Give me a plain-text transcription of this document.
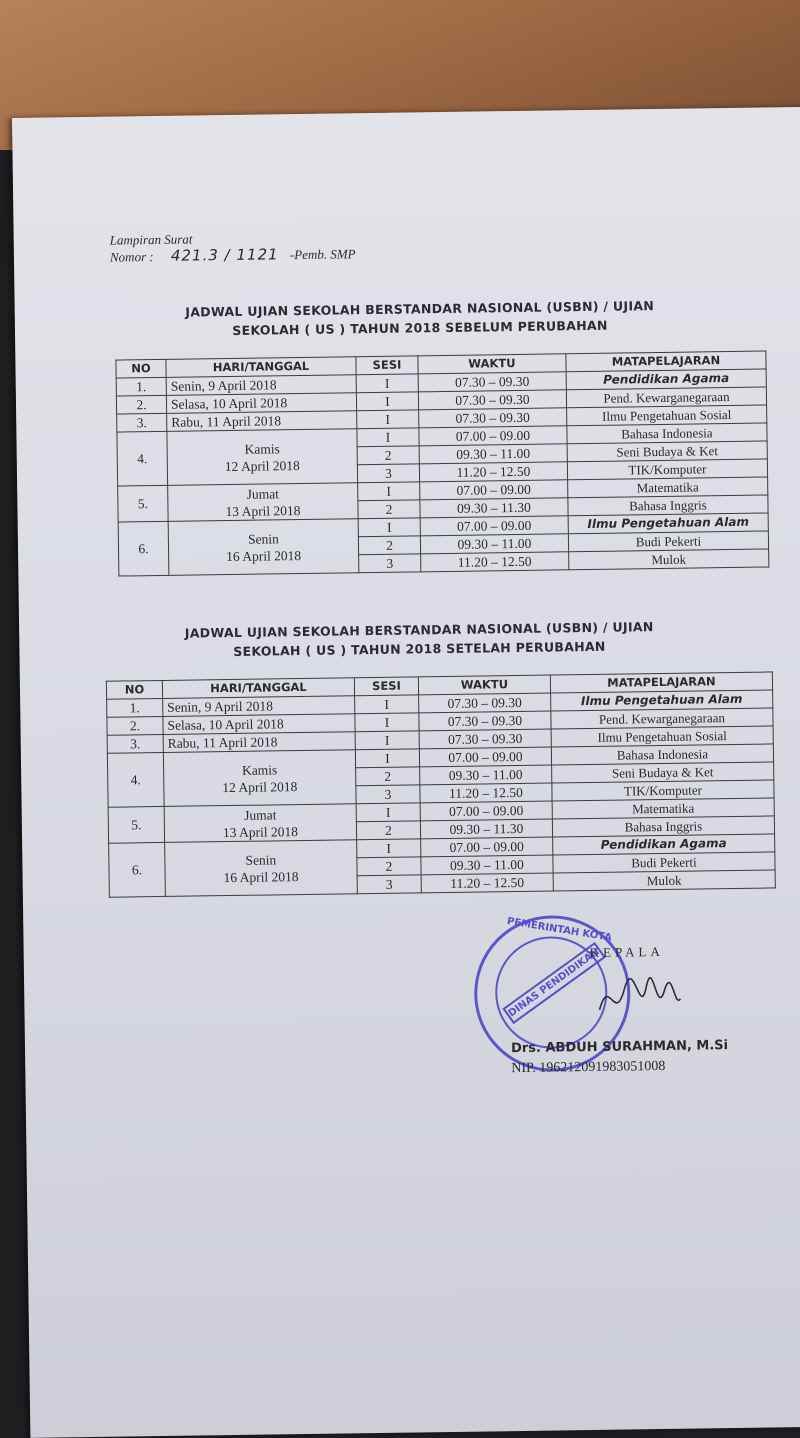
Lampiran Surat
Nomor : 421.3 / 1121 -Pemb. SMP
JADWAL UJIAN SEKOLAH BERSTANDAR NASIONAL (USBN) / UJIAN
SEKOLAH ( US ) TAHUN 2018 SEBELUM PERUBAHAN
NO	HARI/TANGGAL	SESI	WAKTU	MATAPELAJARAN
1.	Senin, 9 April 2018	I	07.30 – 09.30	Pendidikan Agama
2.	Selasa, 10 April 2018	I	07.30 – 09.30	Pend. Kewarganegaraan
3.	Rabu, 11 April 2018	I	07.30 – 09.30	Ilmu Pengetahuan Sosial
4.	Kamis
12 April 2018	I	07.00 – 09.00	Bahasa Indonesia
		2	09.30 – 11.00	Seni Budaya & Ket
		3	11.20 – 12.50	TIK/Komputer
5.	Jumat
13 April 2018	I	07.00 – 09.00	Matematika
		2	09.30 – 11.30	Bahasa Inggris
6.	Senin
16 April 2018	I	07.00 – 09.00	Ilmu Pengetahuan Alam
		2	09.30 – 11.00	Budi Pekerti
		3	11.20 – 12.50	Mulok
JADWAL UJIAN SEKOLAH BERSTANDAR NASIONAL (USBN) / UJIAN
SEKOLAH ( US ) TAHUN 2018 SETELAH PERUBAHAN
NO	HARI/TANGGAL	SESI	WAKTU	MATAPELAJARAN
1.	Senin, 9 April 2018	I	07.30 – 09.30	Ilmu Pengetahuan Alam
2.	Selasa, 10 April 2018	I	07.30 – 09.30	Pend. Kewarganegaraan
3.	Rabu, 11 April 2018	I	07.30 – 09.30	Ilmu Pengetahuan Sosial
4.	Kamis
12 April 2018	I	07.00 – 09.00	Bahasa Indonesia
		2	09.30 – 11.00	Seni Budaya & Ket
		3	11.20 – 12.50	TIK/Komputer
5.	Jumat
13 April 2018	I	07.00 – 09.00	Matematika
		2	09.30 – 11.30	Bahasa Inggris
6.	Senin
16 April 2018	I	07.00 – 09.00	Pendidikan Agama
		2	09.30 – 11.00	Budi Pekerti
		3	11.20 – 12.50	Mulok
PEMERINTAH KOTA
DINAS PENDIDIKAN
KEPALA
Drs. ABDUH SURAHMAN, M.Si
NIP. 196212091983051008
